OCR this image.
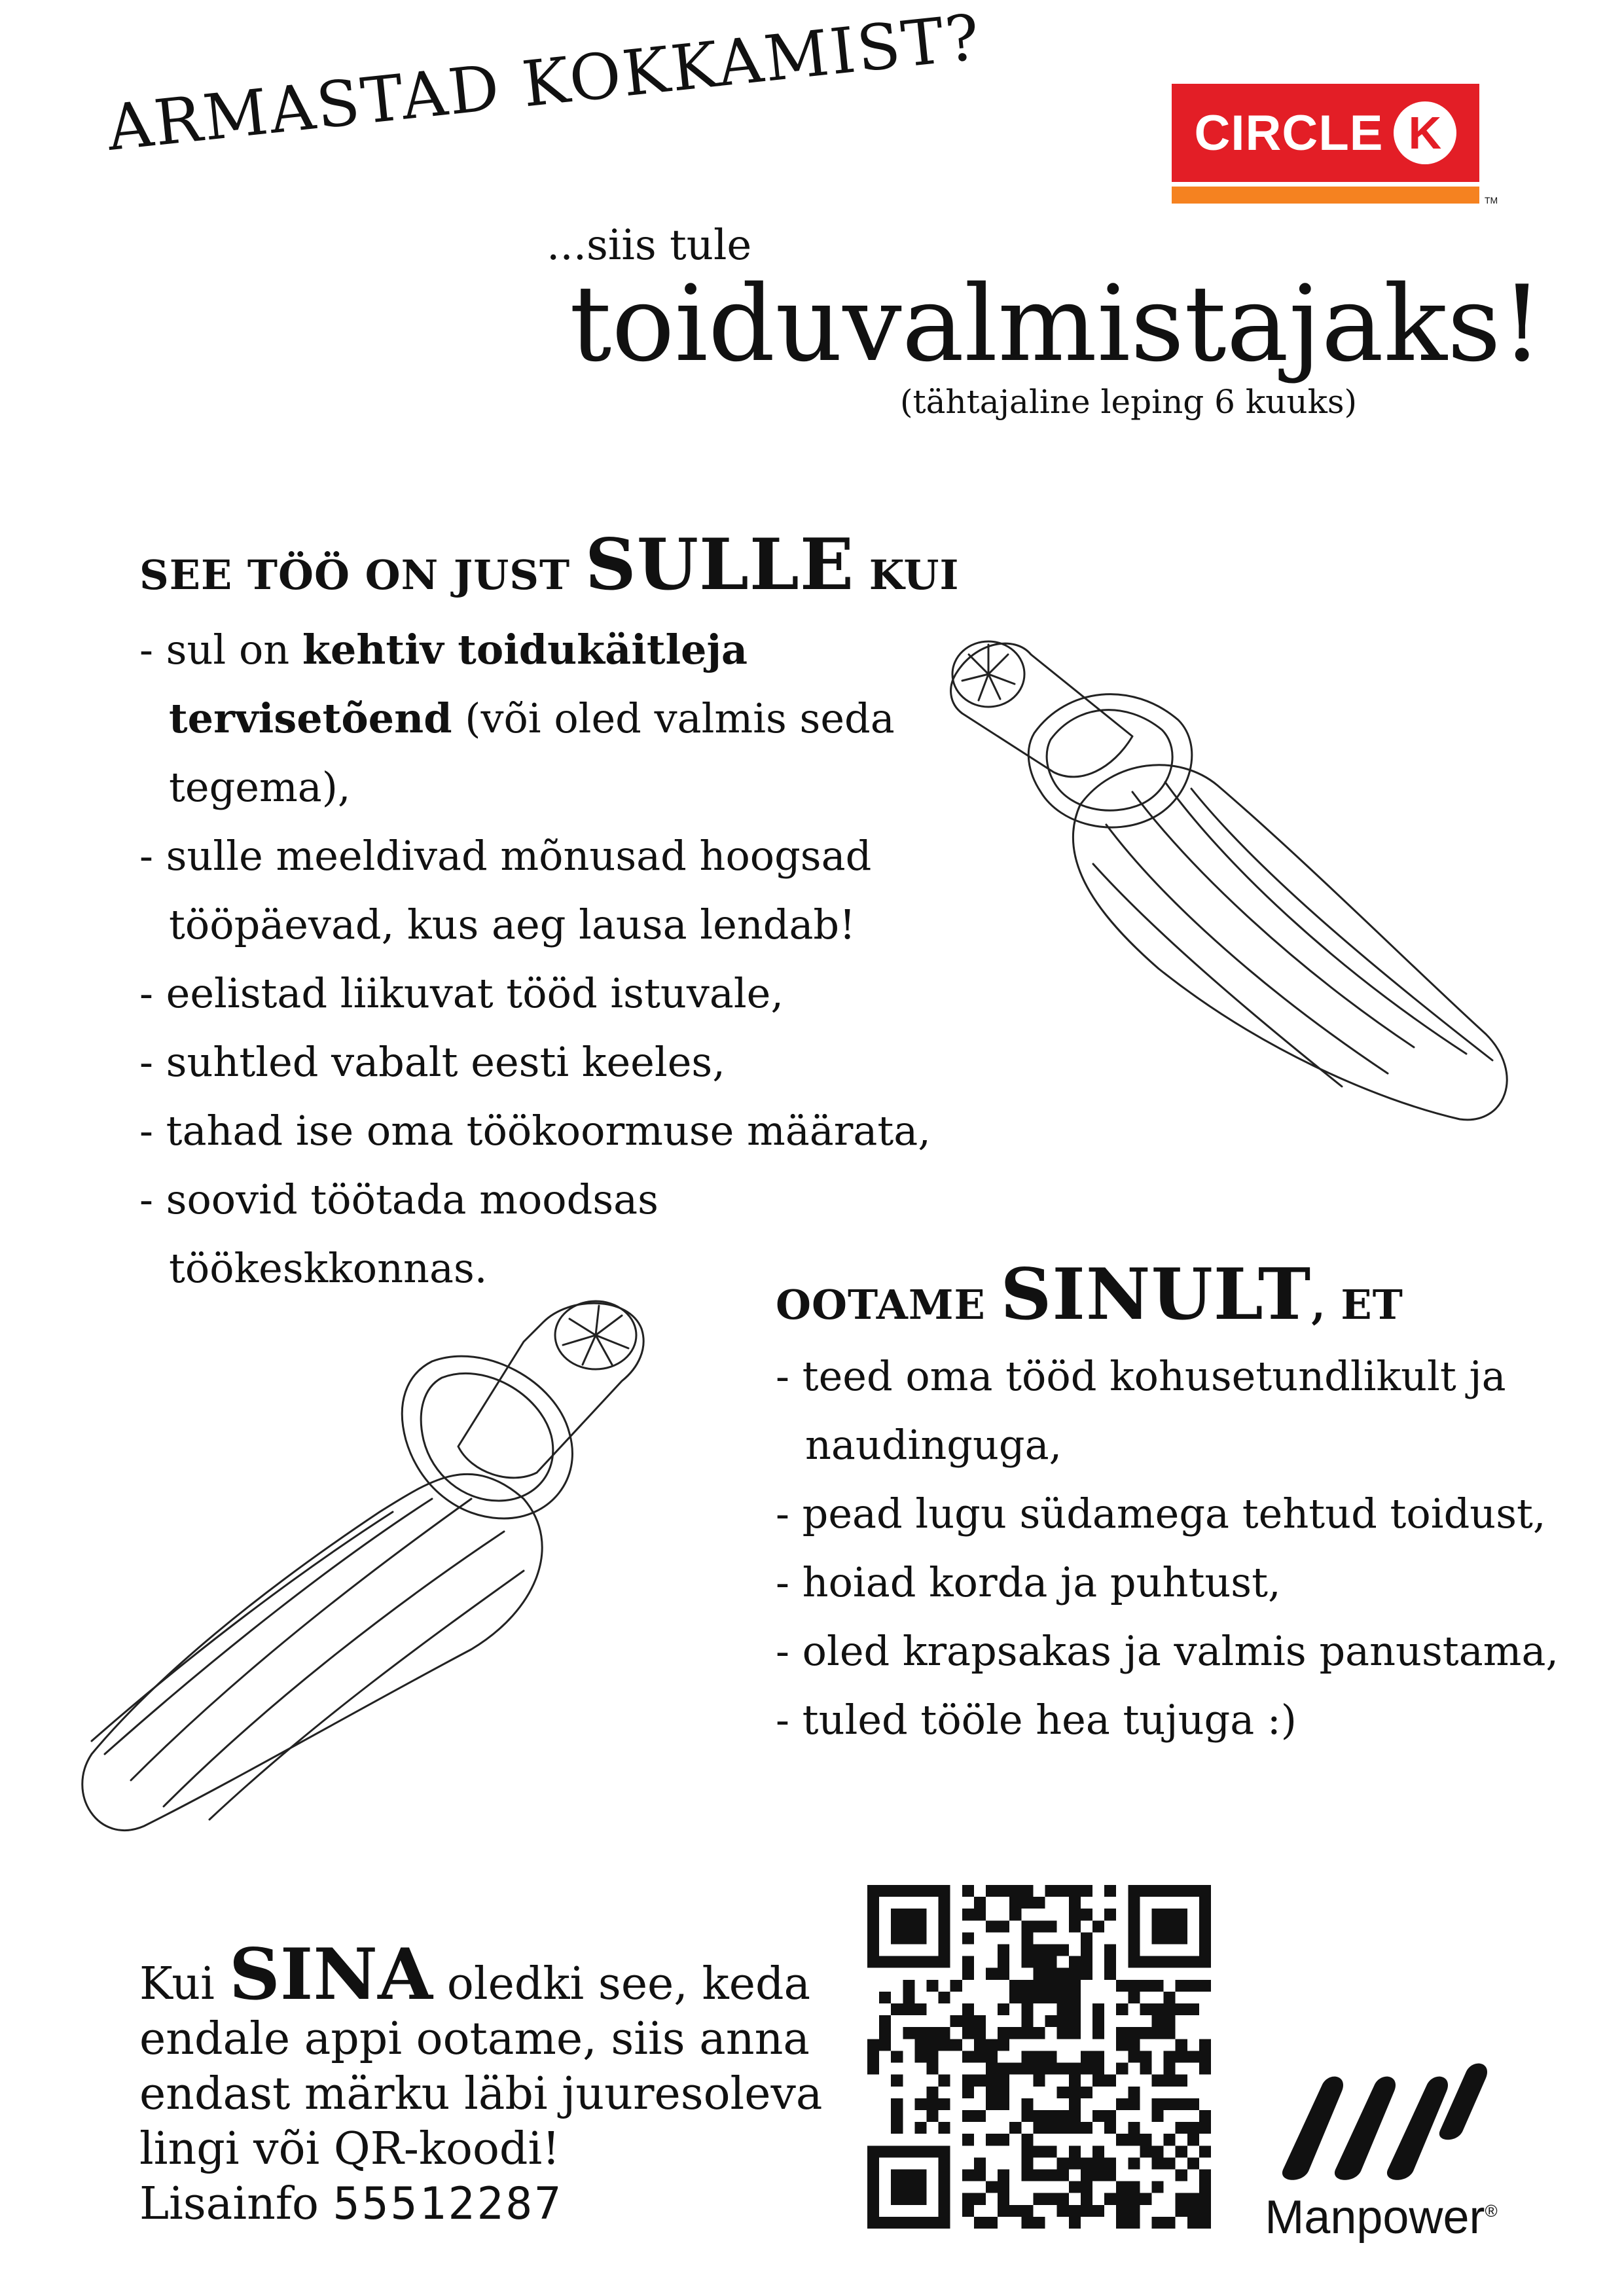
ARMASTAD KOKKAMIST?
...siis tule
toiduvalmistajaks!
(tähtajaline leping 6 kuuks)
CIRCLE K
TM
SEE TÖÖ ON JUST SULLE KUI
- sul on kehtiv toidukäitleja tervisetõend (või oled valmis seda tegema),
- sulle meeldivad mõnusad hoogsad tööpäevad, kus aeg lausa lendab!
- eelistad liikuvat tööd istuvale,
- suhtled vabalt eesti keeles,
- tahad ise oma töökoormuse määrata,
- soovid töötada moodsas töökeskkonnas.
OOTAME SINULT, ET
- teed oma tööd kohusetundlikult ja naudinguga,
- pead lugu südamega tehtud toidust,
- hoiad korda ja puhtust,
- oled krapsakas ja valmis panustama,
- tuled tööle hea tujuga :)
Kui SINA oledki see, keda endale appi ootame, siis anna endast märku läbi juuresoleva lingi või QR-koodi!
Lisainfo 55512287	Manpower®
